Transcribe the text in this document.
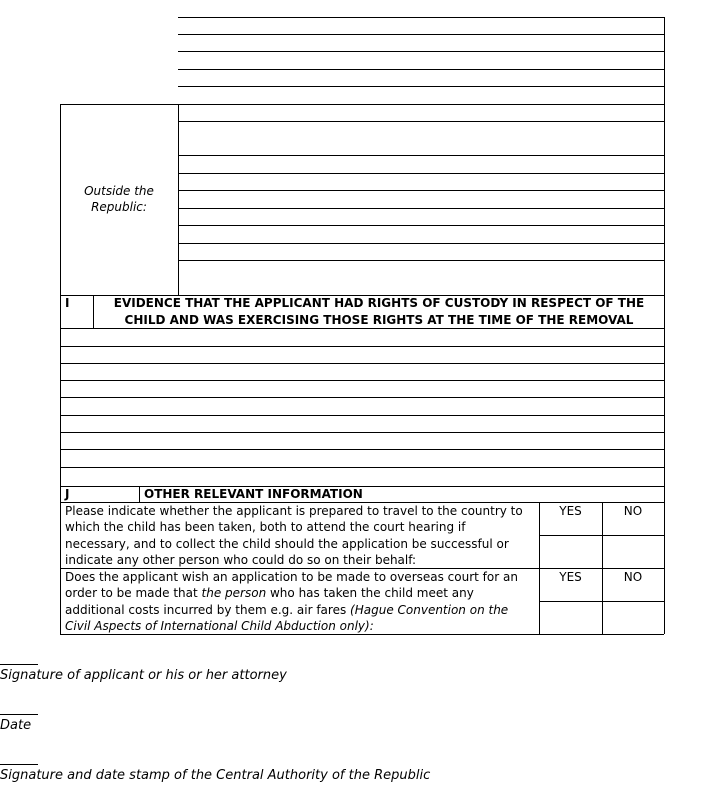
Outside the Republic:
I	EVIDENCE THAT THE APPLICANT HAD RIGHTS OF CUSTODY IN RESPECT OF THE
CHILD AND WAS EXERCISING THOSE RIGHTS AT THE TIME OF THE REMOVAL
J	OTHER RELEVANT INFORMATION
Please indicate whether the applicant is prepared to travel to the country to
which the child has been taken, both to attend the court hearing if
necessary, and to collect the child should the application be successful or
indicate any other person who could do so on their behalf:
YES	NO
Does the applicant wish an application to be made to overseas court for an
order to be made that the person who has taken the child meet any
additional costs incurred by them e.g. air fares (Hague Convention on the
Civil Aspects of International Child Abduction only):
YES	NO
Signature of applicant or his or her attorney
Date
Signature and date stamp of the Central Authority of the Republic
